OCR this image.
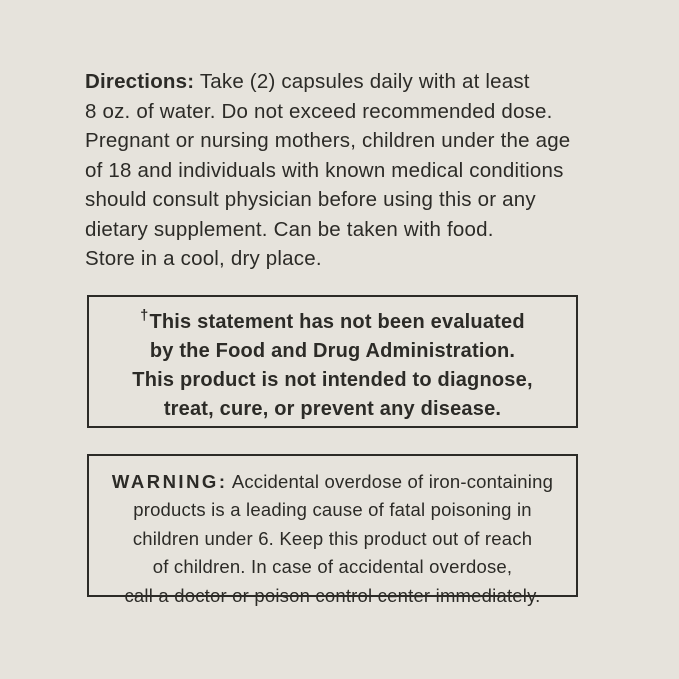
Directions: Take (2) capsules daily with at least
8 oz. of water. Do not exceed recommended dose.
Pregnant or nursing mothers, children under the age
of 18 and individuals with known medical conditions
should consult physician before using this or any
dietary supplement. Can be taken with food.
Store in a cool, dry place.
†This statement has not been evaluated
by the Food and Drug Administration.
This product is not intended to diagnose,
treat, cure, or prevent any disease.
WARNING: Accidental overdose of iron-containing
products is a leading cause of fatal poisoning in
children under 6. Keep this product out of reach
of children. In case of accidental overdose,
call a doctor or poison control center immediately.
